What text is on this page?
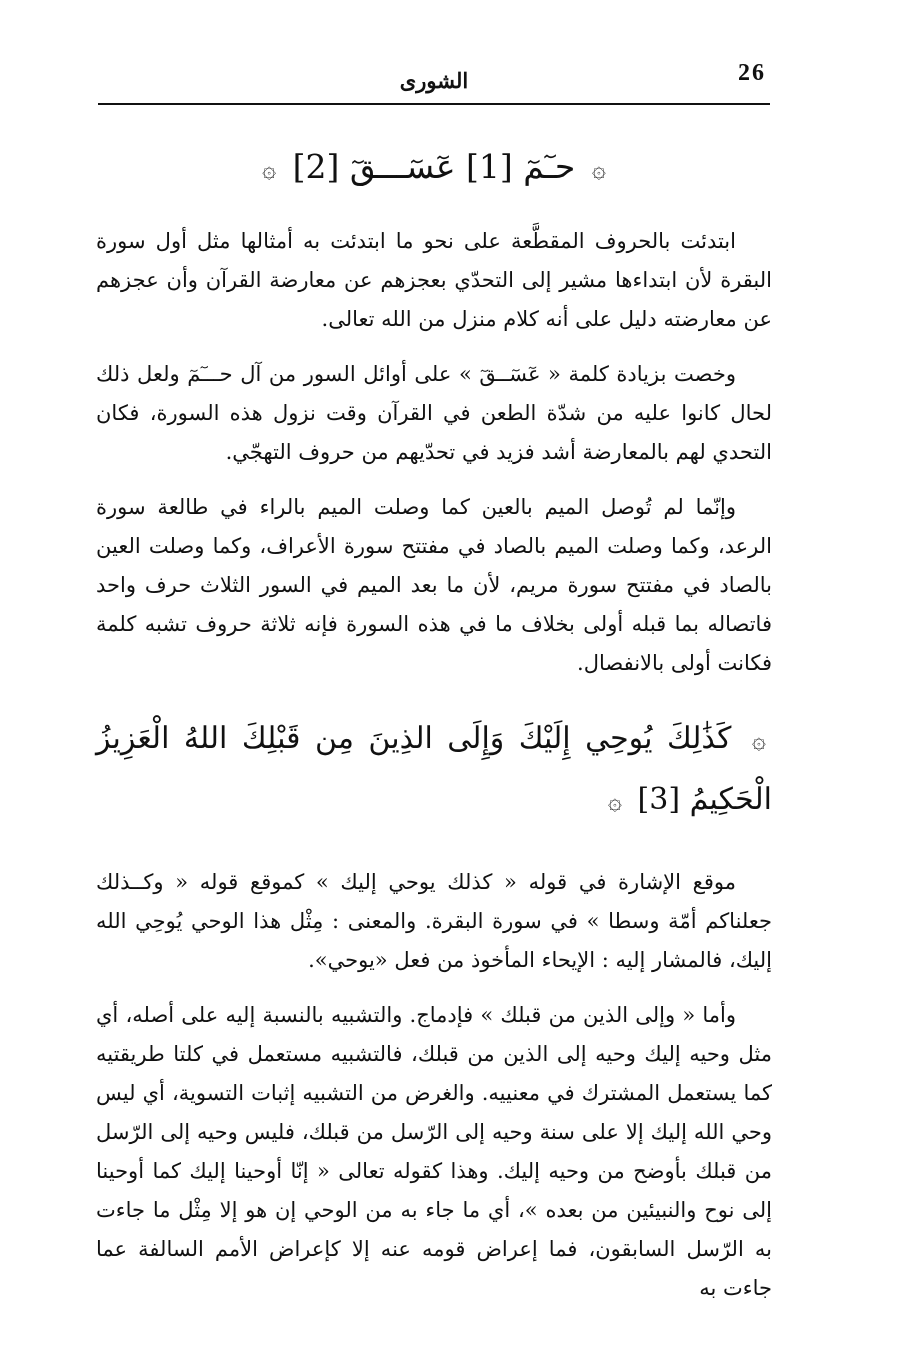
26
الشورى
۞ حـٓمٓ [1] عٓسٓـــقٓ [2] ۞

ابتدئت بالحروف المقطَّعة على نحو ما ابتدئت به أمثالها مثل أول سورة البقرة لأن ابتداءها مشير إلى التحدّي بعجزهم عن معارضة القرآن وأن عجزهم عن معارضته دليل على أنه كلام منزل من الله تعالى.

وخصت بزيادة كلمة « عٓسٓــقٓ » على أوائل السور من آل حـــٓمٓ ولعل ذلك لحال كانوا عليه من شدّة الطعن في القرآن وقت نزول هذه السورة، فكان التحدي لهم بالمعارضة أشد فزيد في تحدّيهم من حروف التهجّي.

وإنّما لم تُوصل الميم بالعين كما وصلت الميم بالراء في طالعة سورة الرعد، وكما وصلت الميم بالصاد في مفتتح سورة الأعراف، وكما وصلت العين بالصاد في مفتتح سورة مريم، لأن ما بعد الميم في السور الثلاث حرف واحد فاتصاله بما قبله أولى بخلاف ما في هذه السورة فإنه ثلاثة حروف تشبه كلمة فكانت أولى بالانفصال.

۞ كَذَٰلِكَ يُوحِي إِلَيْكَ وَإِلَى الذِينَ مِن قَبْلِكَ اللهُ الْعَزِيزُ الْحَكِيمُ [3] ۞

موقع الإشارة في قوله « كذلك يوحي إليك » كموقع قوله « وكــذلك جعلناكم أمّة وسطا » في سورة البقرة. والمعنى : مِثْل هذا الوحي يُوحِي الله إليك، فالمشار إليه : الإيحاء المأخوذ من فعل «يوحي».

وأما « وإلى الذين من قبلك » فإدماج. والتشبيه بالنسبة إليه على أصله، أي مثل وحيه إليك وحيه إلى الذين من قبلك، فالتشبيه مستعمل في كلتا طريقتيه كما يستعمل المشترك في معنييه. والغرض من التشبيه إثبات التسوية، أي ليس وحي الله إليك إلا على سنة وحيه إلى الرّسل من قبلك، فليس وحيه إلى الرّسل من قبلك بأوضح من وحيه إليك. وهذا كقوله تعالى « إنّا أوحينا إليك كما أوحينا إلى نوح والنبيئين من بعده »، أي ما جاء به من الوحي إن هو إلا مِثْل ما جاءت به الرّسل السابقون، فما إعراض قومه عنه إلا كإعراض الأمم السالفة عما جاءت به
